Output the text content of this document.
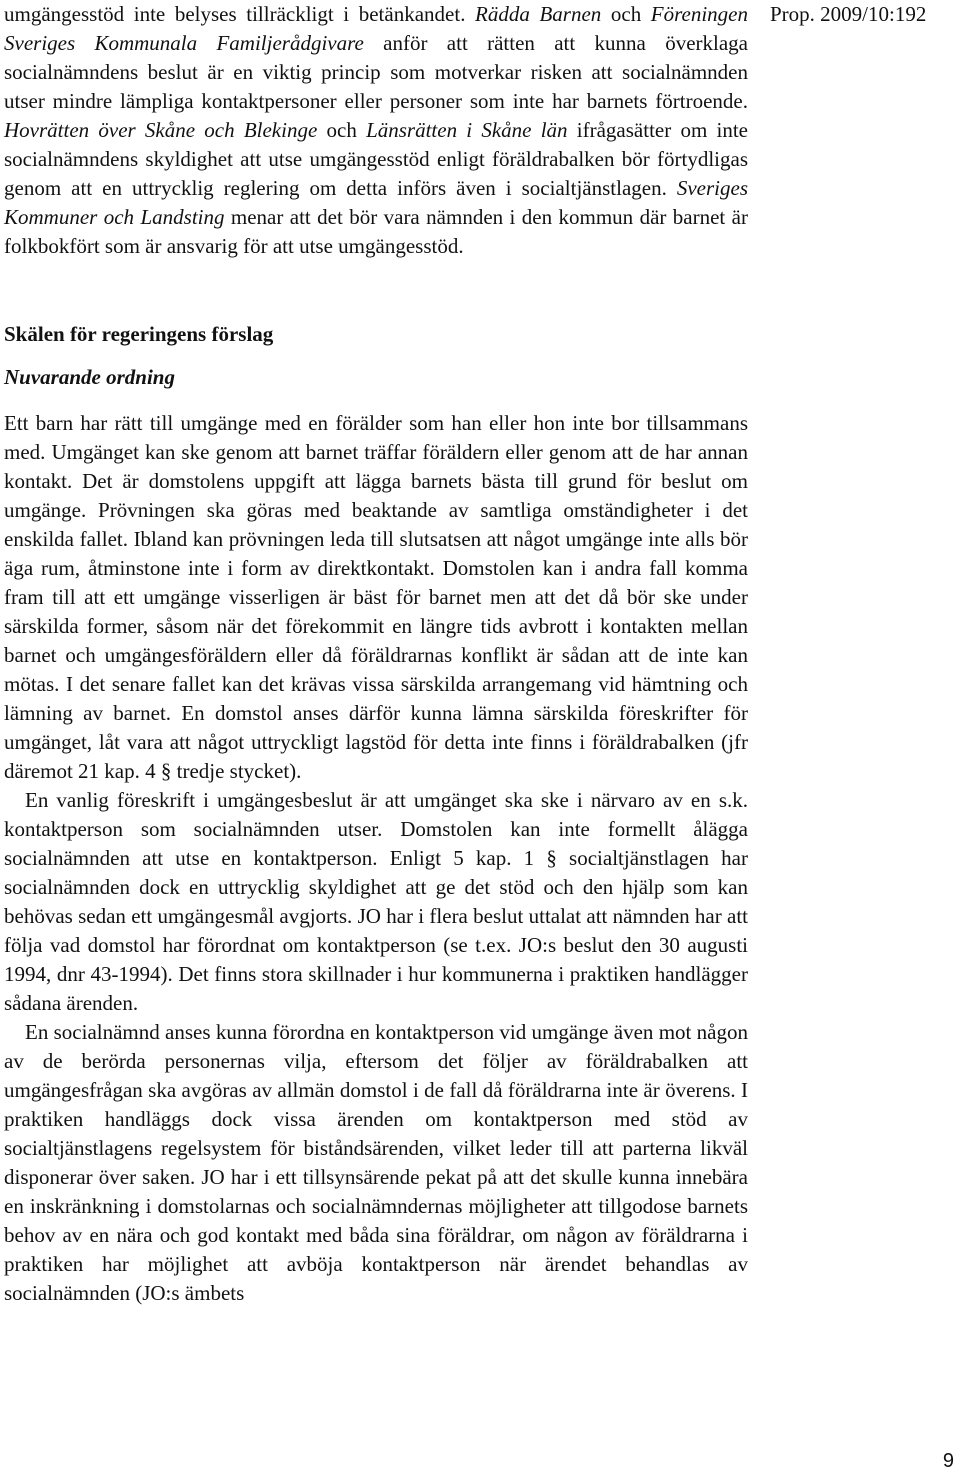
umgängesstöd inte belyses tillräckligt i betänkandet. Rädda Barnen och Föreningen Sveriges Kommunala Familjerådgivare anför att rätten att kunna överklaga socialnämndens beslut är en viktig princip som motverkar risken att socialnämnden utser mindre lämpliga kontaktpersoner eller personer som inte har barnets förtroende. Hovrätten över Skåne och Blekinge och Länsrätten i Skåne län ifrågasätter om inte socialnämndens skyldighet att utse umgängesstöd enligt föräldrabalken bör förtydligas genom att en uttrycklig reglering om detta införs även i socialtjänstlagen. Sveriges Kommuner och Landsting menar att det bör vara nämnden i den kommun där barnet är folkbokfört som är ansvarig för att utse umgängesstöd.

Skälen för regeringens förslag
Nuvarande ordning

Ett barn har rätt till umgänge med en förälder som han eller hon inte bor tillsammans med. Umgänget kan ske genom att barnet träffar föräldern eller genom att de har annan kontakt. Det är domstolens uppgift att lägga barnets bästa till grund för beslut om umgänge. Prövningen ska göras med beaktande av samtliga omständigheter i det enskilda fallet. Ibland kan prövningen leda till slutsatsen att något umgänge inte alls bör äga rum, åtminstone inte i form av direktkontakt. Domstolen kan i andra fall komma fram till att ett umgänge visserligen är bäst för barnet men att det då bör ske under särskilda former, såsom när det förekommit en längre tids avbrott i kontakten mellan barnet och umgängesföräldern eller då föräldrarnas konflikt är sådan att de inte kan mötas. I det senare fallet kan det krävas vissa särskilda arrangemang vid hämtning och lämning av barnet. En domstol anses därför kunna lämna särskilda föreskrifter för umgänget, låt vara att något uttryckligt lagstöd för detta inte finns i föräldrabalken (jfr däremot 21 kap. 4 § tredje stycket).

En vanlig föreskrift i umgängesbeslut är att umgänget ska ske i närvaro av en s.k. kontaktperson som socialnämnden utser. Domstolen kan inte formellt ålägga socialnämnden att utse en kontaktperson. Enligt 5 kap. 1 § socialtjänstlagen har socialnämnden dock en uttrycklig skyldighet att ge det stöd och den hjälp som kan behövas sedan ett umgängesmål avgjorts. JO har i flera beslut uttalat att nämnden har att följa vad domstol har förordnat om kontaktperson (se t.ex. JO:s beslut den 30 augusti 1994, dnr 43-1994). Det finns stora skillnader i hur kommunerna i praktiken handlägger sådana ärenden.

En socialnämnd anses kunna förordna en kontaktperson vid umgänge även mot någon av de berörda personernas vilja, eftersom det följer av föräldrabalken att umgängesfrågan ska avgöras av allmän domstol i de fall då föräldrarna inte är överens. I praktiken handläggs dock vissa ärenden om kontaktperson med stöd av socialtjänstlagens regelsystem för biståndsärenden, vilket leder till att parterna likväl disponerar över saken. JO har i ett tillsynsärende pekat på att det skulle kunna innebära en inskränkning i domstolarnas och socialnämndernas möjligheter att tillgodose barnets behov av en nära och god kontakt med båda sina föräldrar, om någon av föräldrarna i praktiken har möjlighet att avböja kontaktperson när ärendet behandlas av socialnämnden (JO:s ämbets

Prop. 2009/10:192
9
